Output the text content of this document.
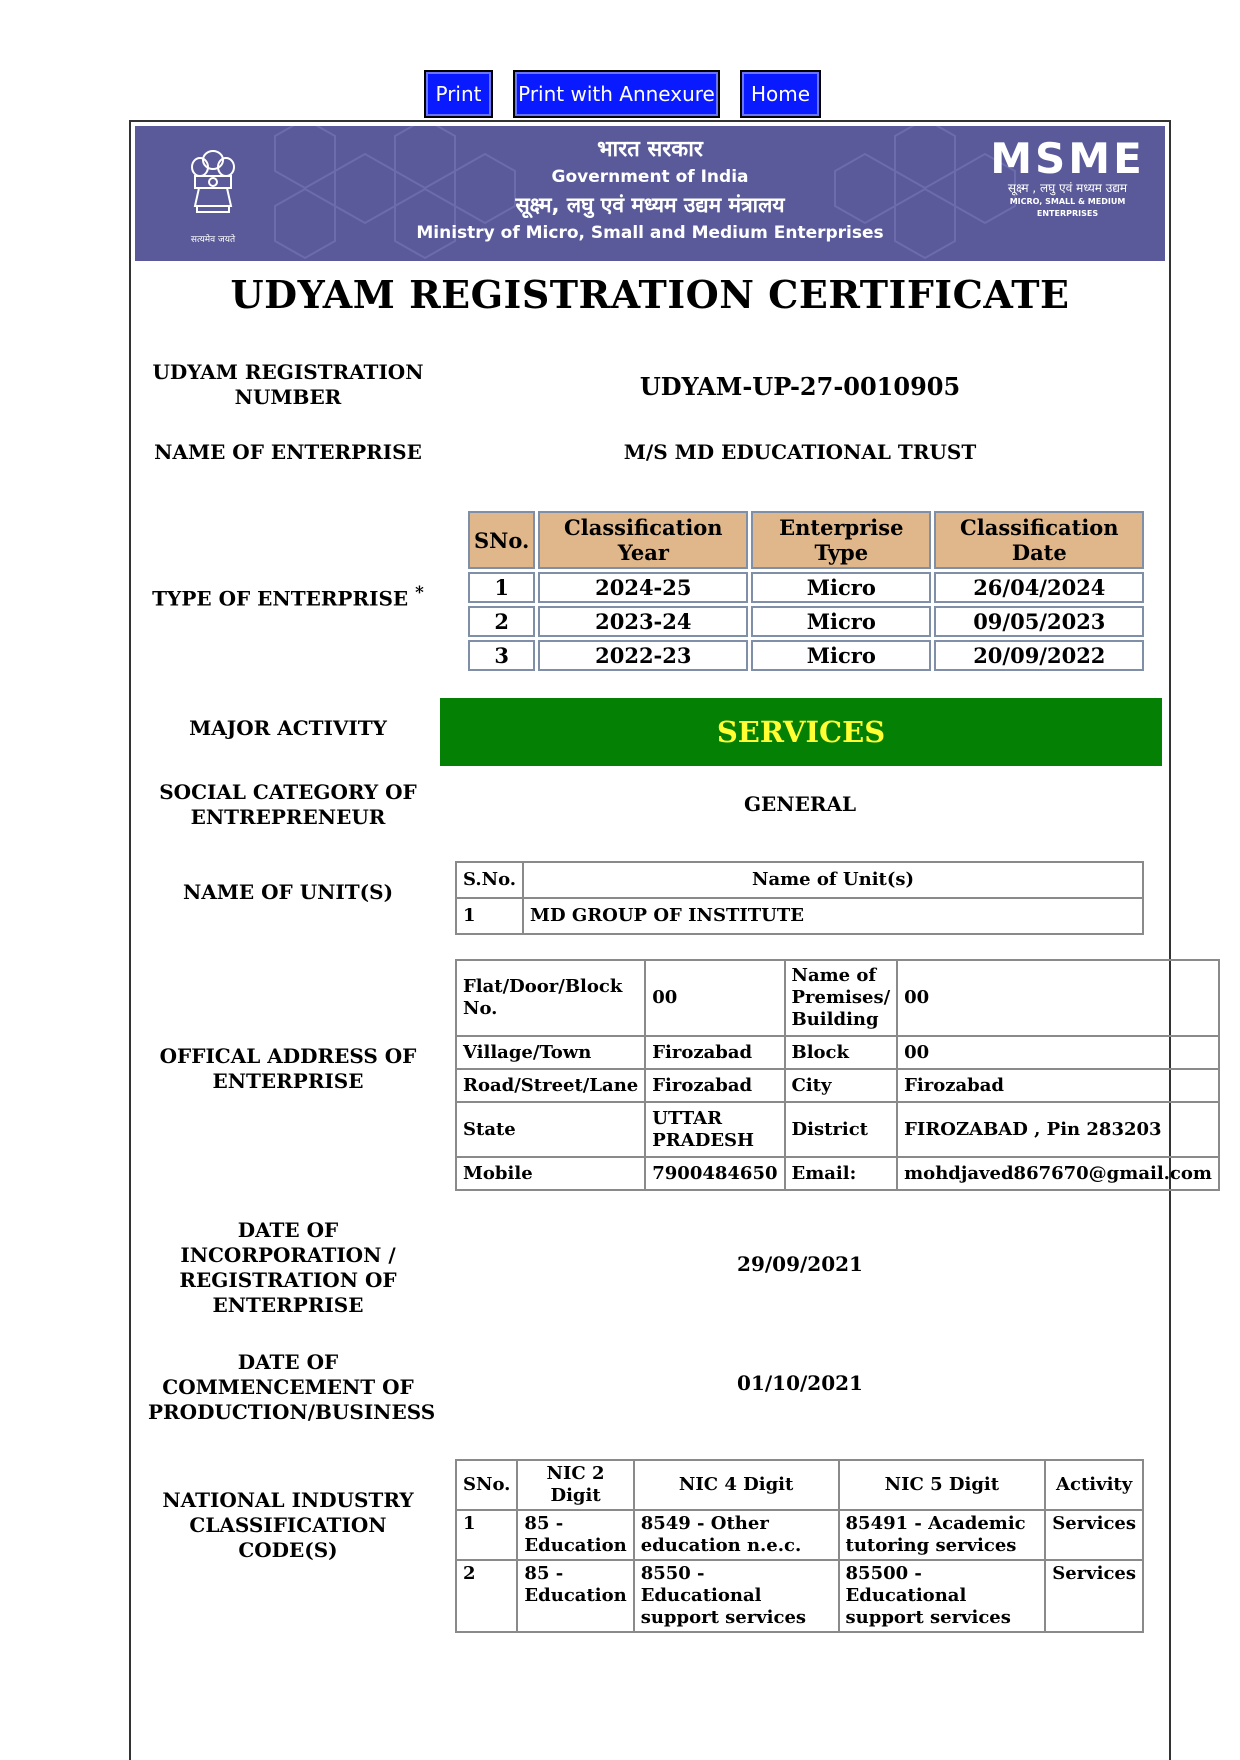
Print	Print with Annexure	Home
सत्यमेव जयते
भारत सरकार
Government of India
सूक्ष्म, लघु एवं मध्यम उद्यम मंत्रालय
Ministry of Micro, Small and Medium Enterprises
MSME
सूक्ष्म , लघु एवं मध्यम उद्यम
MICRO, SMALL & MEDIUM ENTERPRISES
UDYAM REGISTRATION CERTIFICATE
UDYAM REGISTRATION NUMBER	UDYAM-UP-27-0010905
NAME OF ENTERPRISE	M/S MD EDUCATIONAL TRUST
TYPE OF ENTERPRISE *
SNo.	Classification Year	Enterprise Type	Classification Date
1	2024-25	Micro	26/04/2024
2	2023-24	Micro	09/05/2023
3	2022-23	Micro	20/09/2022
MAJOR ACTIVITY	SERVICES
SOCIAL CATEGORY OF ENTREPRENEUR
GENERAL
NAME OF UNIT(S)
S.No.	Name of Unit(s)
1	MD GROUP OF INSTITUTE
OFFICAL ADDRESS OF ENTERPRISE
Flat/Door/Block No.	00	Name of Premises/ Building	00
Village/Town	Firozabad	Block	00
Road/Street/Lane	Firozabad	City	Firozabad
State	UTTAR PRADESH	District	FIROZABAD , Pin 283203
Mobile	7900484650	Email:	mohdjaved867670@gmail.com
DATE OF INCORPORATION / REGISTRATION OF ENTERPRISE
29/09/2021
DATE OF COMMENCEMENT OF PRODUCTION/BUSINESS
01/10/2021
NATIONAL INDUSTRY CLASSIFICATION CODE(S)
SNo.	NIC 2 Digit	NIC 4 Digit	NIC 5 Digit	Activity
1	85 - Education	8549 - Other education n.e.c.	85491 - Academic tutoring services	Services
2	85 - Education	8550 - Educational support services	85500 - Educational support services	Services
